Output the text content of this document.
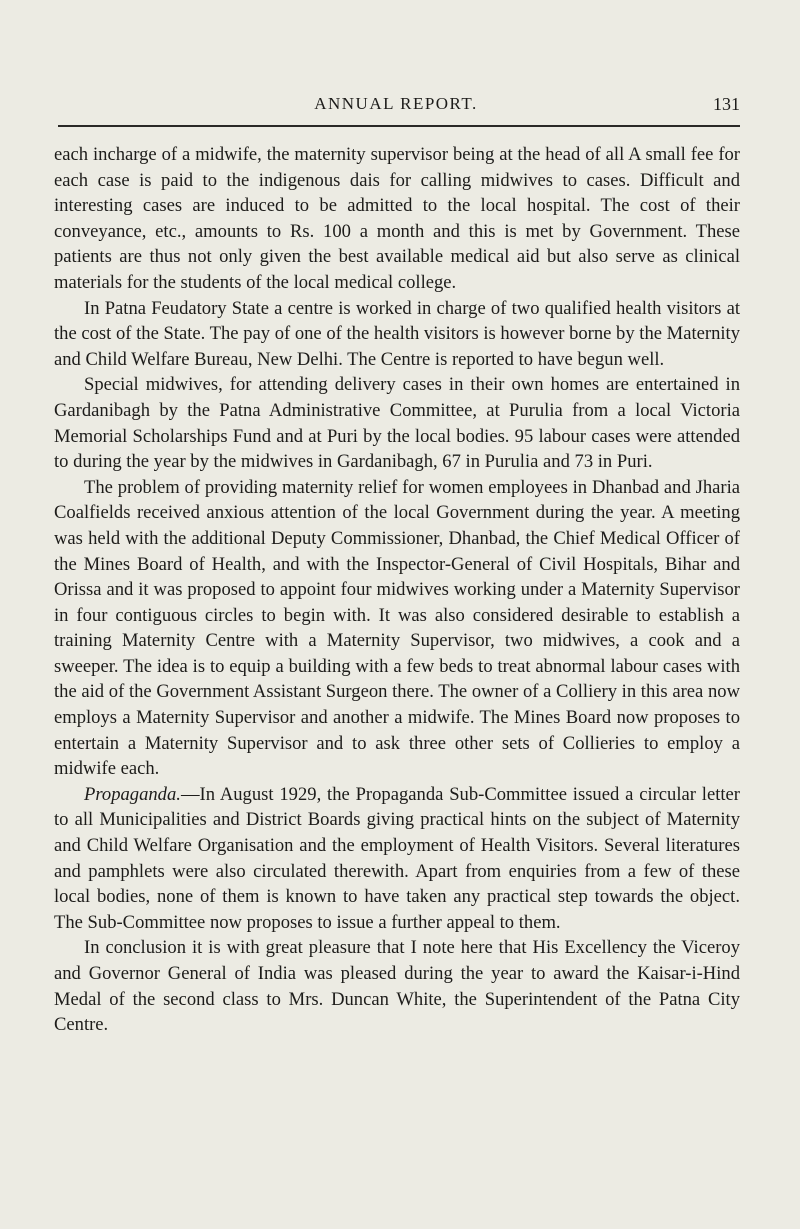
ANNUAL REPORT.	131

each incharge of a midwife, the maternity supervisor being at the head of all A small fee for each case is paid to the indigenous dais for calling midwives to cases. Difficult and interesting cases are induced to be admitted to the local hospital. The cost of their conveyance, etc., amounts to Rs. 100 a month and this is met by Government. These patients are thus not only given the best available medical aid but also serve as clinical materials for the students of the local medical college.

In Patna Feudatory State a centre is worked in charge of two qualified health visitors at the cost of the State. The pay of one of the health visitors is however borne by the Maternity and Child Welfare Bureau, New Delhi. The Centre is reported to have begun well.

Special midwives, for attending delivery cases in their own homes are entertained in Gardanibagh by the Patna Administrative Committee, at Purulia from a local Victoria Memorial Scholarships Fund and at Puri by the local bodies. 95 labour cases were attended to during the year by the midwives in Gardanibagh, 67 in Purulia and 73 in Puri.

The problem of providing maternity relief for women employees in Dhanbad and Jharia Coalfields received anxious attention of the local Government during the year. A meeting was held with the additional Deputy Commissioner, Dhanbad, the Chief Medical Officer of the Mines Board of Health, and with the Inspector-General of Civil Hospitals, Bihar and Orissa and it was proposed to appoint four midwives working under a Maternity Supervisor in four contiguous circles to begin with. It was also considered desirable to establish a training Maternity Centre with a Maternity Supervisor, two midwives, a cook and a sweeper. The idea is to equip a building with a few beds to treat abnormal labour cases with the aid of the Government Assistant Surgeon there. The owner of a Colliery in this area now employs a Maternity Supervisor and another a midwife. The Mines Board now proposes to entertain a Maternity Supervisor and to ask three other sets of Collieries to employ a midwife each.

Propaganda.—In August 1929, the Propaganda Sub-Committee issued a circular letter to all Municipalities and District Boards giving practical hints on the subject of Maternity and Child Welfare Organisation and the employment of Health Visitors. Several literatures and pamphlets were also circulated therewith. Apart from enquiries from a few of these local bodies, none of them is known to have taken any practical step towards the object. The Sub-Committee now proposes to issue a further appeal to them.

In conclusion it is with great pleasure that I note here that His Excellency the Viceroy and Governor General of India was pleased during the year to award the Kaisar-i-Hind Medal of the second class to Mrs. Duncan White, the Superintendent of the Patna City Centre.
